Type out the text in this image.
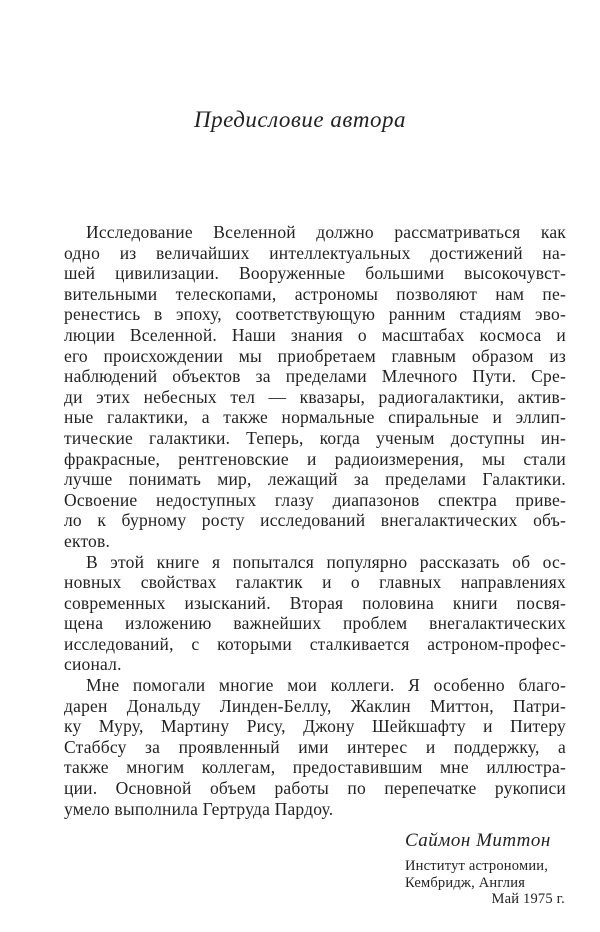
Предисловие автора
Исследование Вселенной должно рассматриваться как
одно из величайших интеллектуальных достижений на-
шей цивилизации. Вооруженные большими высокочувст-
вительными телескопами, астрономы позволяют нам пе-
ренестись в эпоху, соответствующую ранним стадиям эво-
люции Вселенной. Наши знания о масштабах космоса и
его происхождении мы приобретаем главным образом из
наблюдений объектов за пределами Млечного Пути. Сре-
ди этих небесных тел — квазары, радиогалактики, актив-
ные галактики, а также нормальные спиральные и эллип-
тические галактики. Теперь, когда ученым доступны ин-
фракрасные, рентгеновские и радиоизмерения, мы стали
лучше понимать мир, лежащий за пределами Галактики.
Освоение недоступных глазу диапазонов спектра приве-
ло к бурному росту исследований внегалактических объ-
ектов.
В этой книге я попытался популярно рассказать об ос-
новных свойствах галактик и о главных направлениях
современных изысканий. Вторая половина книги посвя-
щена изложению важнейших проблем внегалактических
исследований, с которыми сталкивается астроном-профес-
сионал.
Мне помогали многие мои коллеги. Я особенно благо-
дарен Дональду Линден-Беллу, Жаклин Миттон, Патри-
ку Муру, Мартину Рису, Джону Шейкшафту и Питеру
Стаббсу за проявленный ими интерес и поддержку, а
также многим коллегам, предоставившим мне иллюстра-
ции. Основной объем работы по перепечатке рукописи
умело выполнила Гертруда Пардоу.
Саймон Миттон
Институт астрономии,
Кембридж, Англия
Май 1975 г.
